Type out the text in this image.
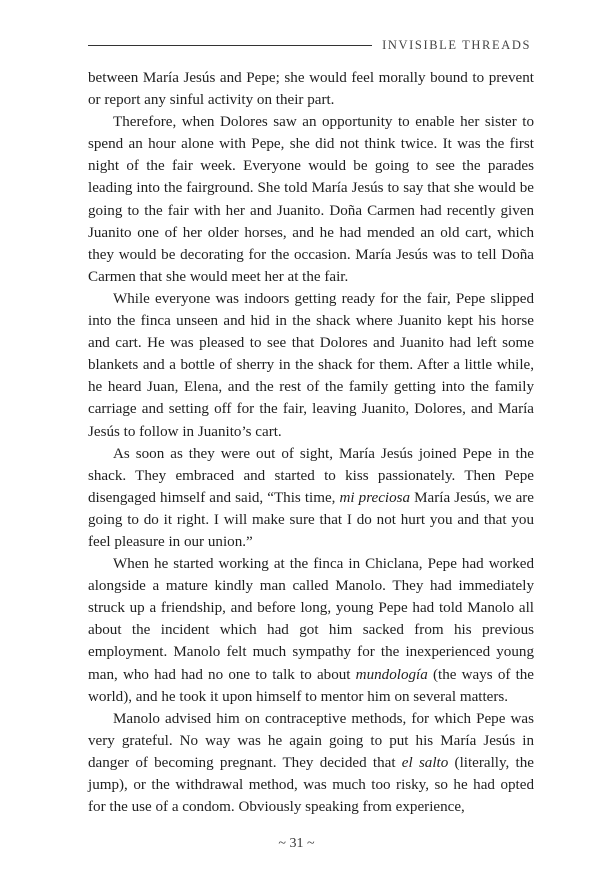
INVISIBLE THREADS

between María Jesús and Pepe; she would feel morally bound to prevent or report any sinful activity on their part.

Therefore, when Dolores saw an opportunity to enable her sister to spend an hour alone with Pepe, she did not think twice. It was the first night of the fair week. Everyone would be going to see the parades leading into the fairground. She told María Jesús to say that she would be going to the fair with her and Juanito. Doña Carmen had recently given Juanito one of her older horses, and he had mended an old cart, which they would be decorating for the occasion. María Jesús was to tell Doña Carmen that she would meet her at the fair.

While everyone was indoors getting ready for the fair, Pepe slipped into the finca unseen and hid in the shack where Juanito kept his horse and cart. He was pleased to see that Dolores and Juanito had left some blankets and a bottle of sherry in the shack for them. After a little while, he heard Juan, Elena, and the rest of the family getting into the family carriage and setting off for the fair, leaving Juanito, Dolores, and María Jesús to follow in Juanito’s cart.

As soon as they were out of sight, María Jesús joined Pepe in the shack. They embraced and started to kiss passionately. Then Pepe disengaged himself and said, “This time, mi preciosa María Jesús, we are going to do it right. I will make sure that I do not hurt you and that you feel pleasure in our union.”

When he started working at the finca in Chiclana, Pepe had worked alongside a mature kindly man called Manolo. They had immediately struck up a friendship, and before long, young Pepe had told Manolo all about the incident which had got him sacked from his previous employment. Manolo felt much sympathy for the inexperienced young man, who had had no one to talk to about mundología (the ways of the world), and he took it upon himself to mentor him on several matters.

Manolo advised him on contraceptive methods, for which Pepe was very grateful. No way was he again going to put his María Jesús in danger of becoming pregnant. They decided that el salto (literally, the jump), or the withdrawal method, was much too risky, so he had opted for the use of a condom. Obviously speaking from experience,

~ 31 ~
